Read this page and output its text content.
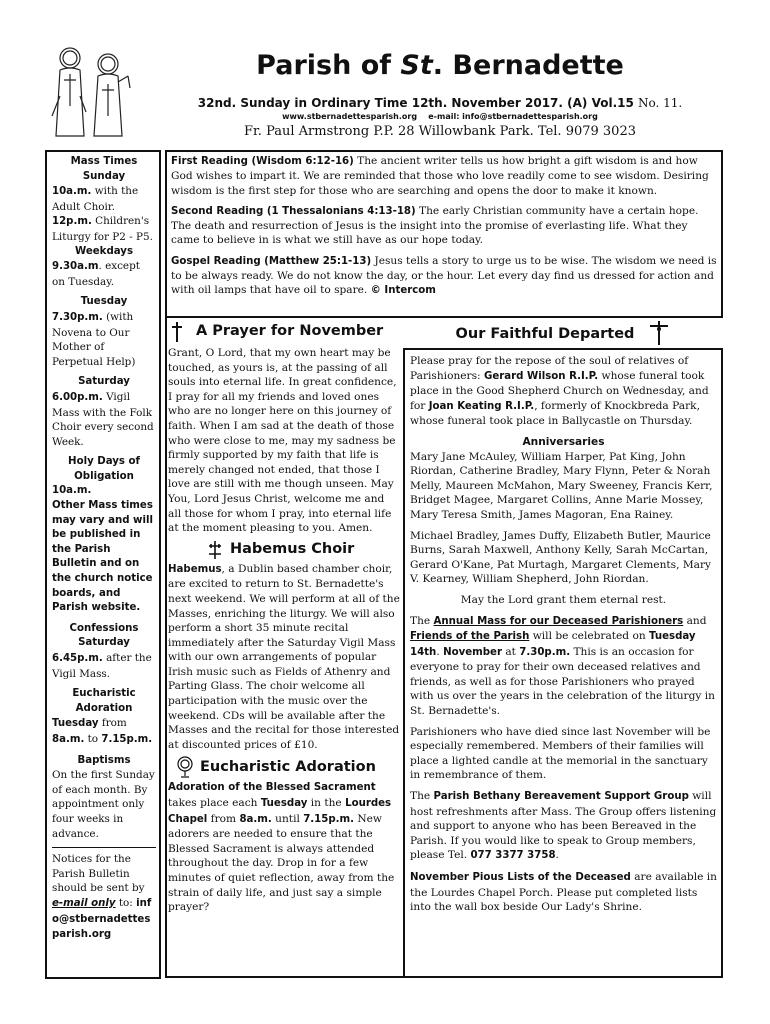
Parish of St. Bernadette
32nd. Sunday in Ordinary Time 12th. November 2017. (A) Vol.15 No. 11.
www.stbernadettesparish.org e-mail: info@stbernadettesparish.org
Fr. Paul Armstrong P.P. 28 Willowbank Park. Tel. 9079 3023
Mass Times
Sunday
10a.m. with the Adult Choir.
12p.m. Children's Liturgy for P2 - P5.
Weekdays
9.30a.m. except on Tuesday.
Tuesday
7.30p.m. (with Novena to Our Mother of Perpetual Help)
Saturday
6.00p.m. Vigil Mass with the Folk Choir every second Week.
Holy Days of Obligation
10a.m.
Other Mass times may vary and will be published in the Parish Bulletin and on the church notice boards, and Parish website.
Confessions
Saturday
6.45p.m. after the Vigil Mass.
Eucharistic Adoration
Tuesday from 8a.m. to 7.15p.m.
Baptisms
On the first Sunday of each month. By appointment only four weeks in advance.
Notices for the Parish Bulletin should be sent by e-mail only to: info@stbernadettesparish.org

First Reading (Wisdom 6:12-16) The ancient writer tells us how bright a gift wisdom is and how God wishes to impart it. We are reminded that those who love readily come to see wisdom. Desiring wisdom is the first step for those who are searching and opens the door to make it known.

Second Reading (1 Thessalonians 4:13-18) The early Christian community have a certain hope. The death and resurrection of Jesus is the insight into the promise of everlasting life. What they came to believe in is what we still have as our hope today.

Gospel Reading (Matthew 25:1-13) Jesus tells a story to urge us to be wise. The wisdom we need is to be always ready. We do not know the day, or the hour. Let every day find us dressed for action and with oil lamps that have oil to spare. © Intercom

A Prayer for November

Grant, O Lord, that my own heart may be touched, as yours is, at the passing of all souls into eternal life. In great confidence, I pray for all my friends and loved ones who are no longer here on this journey of faith. When I am sad at the death of those who were close to me, may my sadness be firmly supported by my faith that life is merely changed not ended, that those I love are still with me though unseen. May You, Lord Jesus Christ, welcome me and all those for whom I pray, into eternal life at the moment pleasing to you. Amen.

Habemus Choir

Habemus, a Dublin based chamber choir, are excited to return to St. Bernadette's next weekend. We will perform at all of the Masses, enriching the liturgy. We will also perform a short 35 minute recital immediately after the Saturday Vigil Mass with our own arrangements of popular Irish music such as Fields of Athenry and Parting Glass. The choir welcome all participation with the music over the weekend. CDs will be available after the Masses and the recital for those interested at discounted prices of £10.

Eucharistic Adoration

Adoration of the Blessed Sacrament takes place each Tuesday in the Lourdes Chapel from 8a.m. until 7.15p.m. New adorers are needed to ensure that the Blessed Sacrament is always attended throughout the day. Drop in for a few minutes of quiet reflection, away from the strain of daily life, and just say a simple prayer?

Our Faithful Departed

Please pray for the repose of the soul of relatives of Parishioners: Gerard Wilson R.I.P. whose funeral took place in the Good Shepherd Church on Wednesday, and for Joan Keating R.I.P., formerly of Knockbreda Park, whose funeral took place in Ballycastle on Thursday.

Anniversaries

Mary Jane McAuley, William Harper, Pat King, John Riordan, Catherine Bradley, Mary Flynn, Peter & Norah Melly, Maureen McMahon, Mary Sweeney, Francis Kerr, Bridget Magee, Margaret Collins, Anne Marie Mossey, Mary Teresa Smith, James Magoran, Ena Rainey.

Michael Bradley, James Duffy, Elizabeth Butler, Maurice Burns, Sarah Maxwell, Anthony Kelly, Sarah McCartan, Gerard O'Kane, Pat Murtagh, Margaret Clements, Mary V. Kearney, William Shepherd, John Riordan.

May the Lord grant them eternal rest.

The Annual Mass for our Deceased Parishioners and Friends of the Parish will be celebrated on Tuesday 14th. November at 7.30p.m. This is an occasion for everyone to pray for their own deceased relatives and friends, as well as for those Parishioners who prayed with us over the years in the celebration of the liturgy in St. Bernadette's.

Parishioners who have died since last November will be especially remembered. Members of their families will place a lighted candle at the memorial in the sanctuary in remembrance of them.

The Parish Bethany Bereavement Support Group will host refreshments after Mass. The Group offers listening and support to anyone who has been Bereaved in the Parish. If you would like to speak to Group members, please Tel. 077 3377 3758.

November Pious Lists of the Deceased are available in the Lourdes Chapel Porch. Please put completed lists into the wall box beside Our Lady's Shrine.
